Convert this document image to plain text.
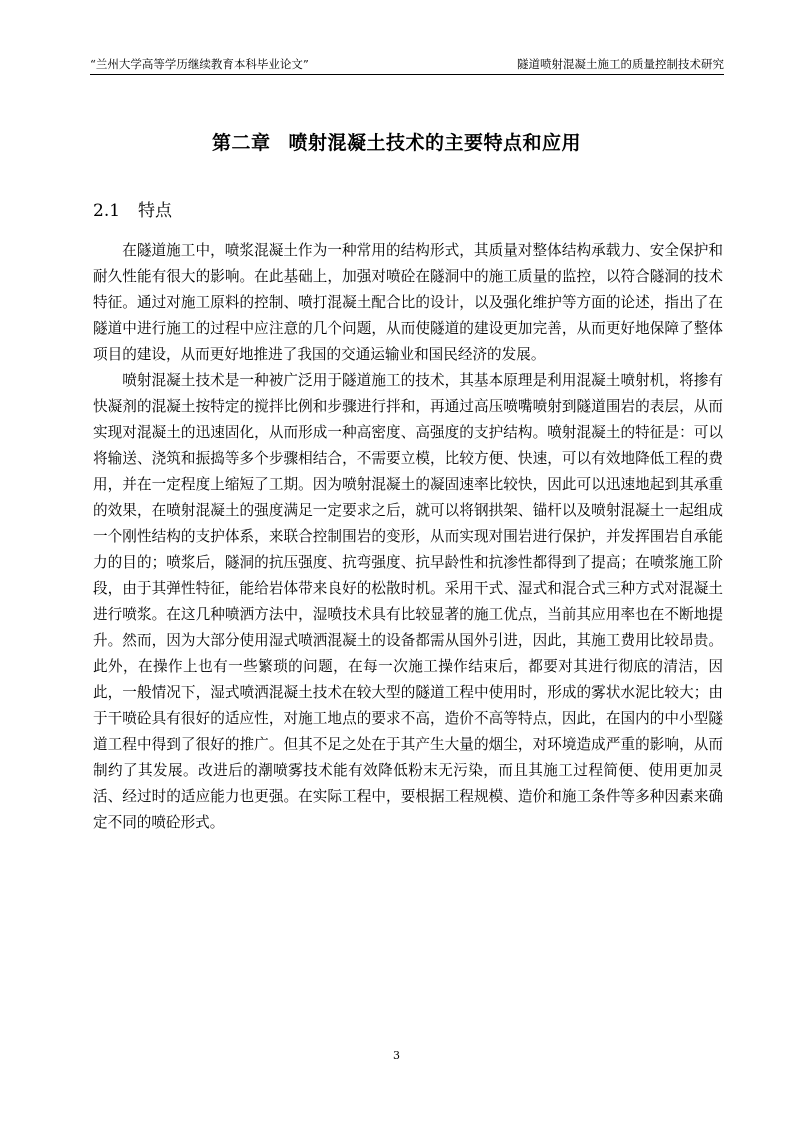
“兰州大学高等学历继续教育本科毕业论文”	隧道喷射混凝土施工的质量控制技术研究
第二章 喷射混凝土技术的主要特点和应用
2.1 特点

在隧道施工中，喷浆混凝土作为一种常用的结构形式，其质量对整体结构承载力、安全保护和耐久性能有很大的影响。在此基础上，加强对喷砼在隧洞中的施工质量的监控，以符合隧洞的技术特征。通过对施工原料的控制、喷打混凝土配合比的设计，以及强化维护等方面的论述，指出了在隧道中进行施工的过程中应注意的几个问题，从而使隧道的建设更加完善，从而更好地保障了整体项目的建设，从而更好地推进了我国的交通运输业和国民经济的发展。

喷射混凝土技术是一种被广泛用于隧道施工的技术，其基本原理是利用混凝土喷射机，将掺有快凝剂的混凝土按特定的搅拌比例和步骤进行拌和，再通过高压喷嘴喷射到隧道围岩的表层，从而实现对混凝土的迅速固化，从而形成一种高密度、高强度的支护结构。喷射混凝土的特征是：可以将输送、浇筑和振捣等多个步骤相结合，不需要立模，比较方便、快速，可以有效地降低工程的费用，并在一定程度上缩短了工期。因为喷射混凝土的凝固速率比较快，因此可以迅速地起到其承重的效果，在喷射混凝土的强度满足一定要求之后，就可以将钢拱架、锚杆以及喷射混凝土一起组成一个刚性结构的支护体系，来联合控制围岩的变形，从而实现对围岩进行保护，并发挥围岩自承能力的目的；喷浆后，隧洞的抗压强度、抗弯强度、抗早龄性和抗渗性都得到了提高；在喷浆施工阶段，由于其弹性特征，能给岩体带来良好的松散时机。采用干式、湿式和混合式三种方式对混凝土进行喷浆。在这几种喷洒方法中，湿喷技术具有比较显著的施工优点，当前其应用率也在不断地提升。然而，因为大部分使用湿式喷洒混凝土的设备都需从国外引进，因此，其施工费用比较昂贵。此外，在操作上也有一些繁琐的问题，在每一次施工操作结束后，都要对其进行彻底的清洁，因此，一般情况下，湿式喷洒混凝土技术在较大型的隧道工程中使用时，形成的雾状水泥比较大；由于干喷砼具有很好的适应性，对施工地点的要求不高，造价不高等特点，因此，在国内的中小型隧道工程中得到了很好的推广。但其不足之处在于其产生大量的烟尘，对环境造成严重的影响，从而制约了其发展。改进后的潮喷雾技术能有效降低粉末无污染，而且其施工过程简便、使用更加灵活、经过时的适应能力也更强。在实际工程中，要根据工程规模、造价和施工条件等多种因素来确定不同的喷砼形式。

3
